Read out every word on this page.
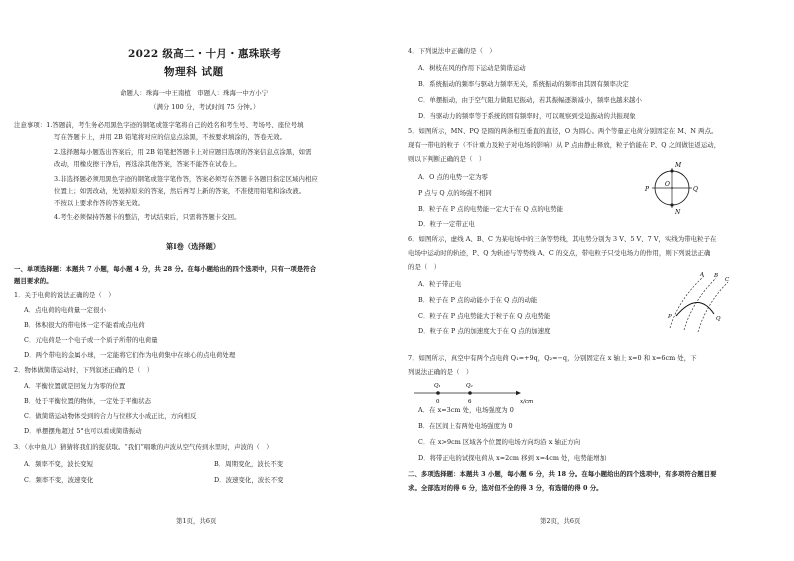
2022 级高二・十月・惠珠联考
物理科 试题
命题人：珠海一中王南植　审题人：珠海一中方小宁
（满分 100 分，考试时间 75 分钟。）
注意事项：1.答题前，考生务必用黑色字迹的钢笔或签字笔将自己的姓名和考生号、考场号、座位号填
写在答题卡上，并用 2B 铅笔将对应的信息点涂黑，不按要求填涂的，答卷无效。
2.选择题每小题选出答案后，用 2B 铅笔把答题卡上对应题目选项的答案信息点涂黑，如需
改动，用橡皮擦干净后，再选涂其他答案，答案不能答在试卷上。
3.非选择题必须用黑色字迹的钢笔或签字笔作答，答案必须写在答题卡各题目指定区域内相应
位置上；如需改动，先划掉原来的答案，然后再写上新的答案，不准使用铅笔和涂改液。
不按以上要求作答的答案无效。
4.考生必须保持答题卡的整洁，考试结束后，只需将答题卡交回。
第Ⅰ卷（选择题）
一、单项选择题：本题共 7 小题，每小题 4 分，共 28 分。在每小题给出的四个选项中，只有一项是符合
题目要求的。
1．关于电荷的说法正确的是（　）
A．点电荷的电荷量一定很小
B．体积很大的带电体一定不能看成点电荷
C．元电荷是一个电子或一个质子所带的电荷量
D．两个带电的金属小球，一定能将它们作为电荷集中在球心的点电荷处理
2．物体做简谐运动时，下列叙述正确的是（　）
A．平衡位置就是回复力为零的位置
B．处于平衡位置的物体，一定处于平衡状态
C．做简谐运动物体受到的合力与位移大小成正比，方向相反
D．单摆摆角超过 5°也可以看成简谐振动
3．（水中鱼儿）猜猜将我们的捉获取。“我们”唱歌的声波从空气传到水里时，声波的（　）
A．频率不变，波长变短	B．周期变化，波长不变
C．频率不变，波速变化	D．波速变化，波长不变
第1页，共6页
4．下列说法中正确的是（　）
A．树枝在风的作用下运动是简谐运动
B．系统振动的频率与驱动力频率无关，系统振动的频率由其固有频率决定
C．单摆振动，由于空气阻力做阻尼振动，若其振幅逐渐减小，频率也越来越小
D．当驱动力的频率等于系统的固有频率时，可以观察到受迫振动的共振现象
5．如图所示，MN、PQ 是圆的两条相互垂直的直径，O 为圆心。两个等量正电荷分别固定在 M、N 两点。
现有一带电的粒子（不计重力及粒子对电场的影响）从 P 点由静止释放，粒子恰能在 P、Q 之间做往返运动，
则以下判断正确的是（　）
A．O 点的电势一定为零
P 点与 Q 点的场强不相同
B．粒子在 P 点的电势能一定大于在 Q 点的电势能
D．粒子一定带正电
M
N
P
O
Q
6．如图所示，虚线 A、B、C 为某电场中的三条等势线，其电势分别为 3 V、5 V、7 V，实线为带电粒子在
电场中运动时的轨迹，P、Q 为轨迹与等势线 A、C 的交点，带电粒子只受电场力的作用，则下列说法正确
的是（　）
A．粒子带正电
B．粒子在 P 点的动能小于在 Q 点的动能
C．粒子在 P 点电势能大于粒子在 Q 点电势能
D．粒子在 P 点的加速度大于在 Q 点的加速度
A B
C
P	Q
7．如图所示，真空中有两个点电荷 Q₁=+9q，Q₂=−q，分别固定在 x 轴上 x=0 和 x=6cm 处，下
列说法正确的是（　）
Q₁	Q₂
0	6	x/cm
A．在 x=3cm 处，电场强度为 0
B．在区间上有两处电场强度为 0
C．在 x>9cm 区域各个位置的电场方向均沿 x 轴正方向
D．将带正电的试探电荷从 x=2cm 移到 x=4cm 处，电势能增加
二、多项选择题：本题共 3 小题，每小题 6 分，共 18 分。在每小题给出的四个选项中，有多项符合题目要
求。全部选对的得 6 分，选对但不全的得 3 分，有选错的得 0 分。
第2页，共6页
